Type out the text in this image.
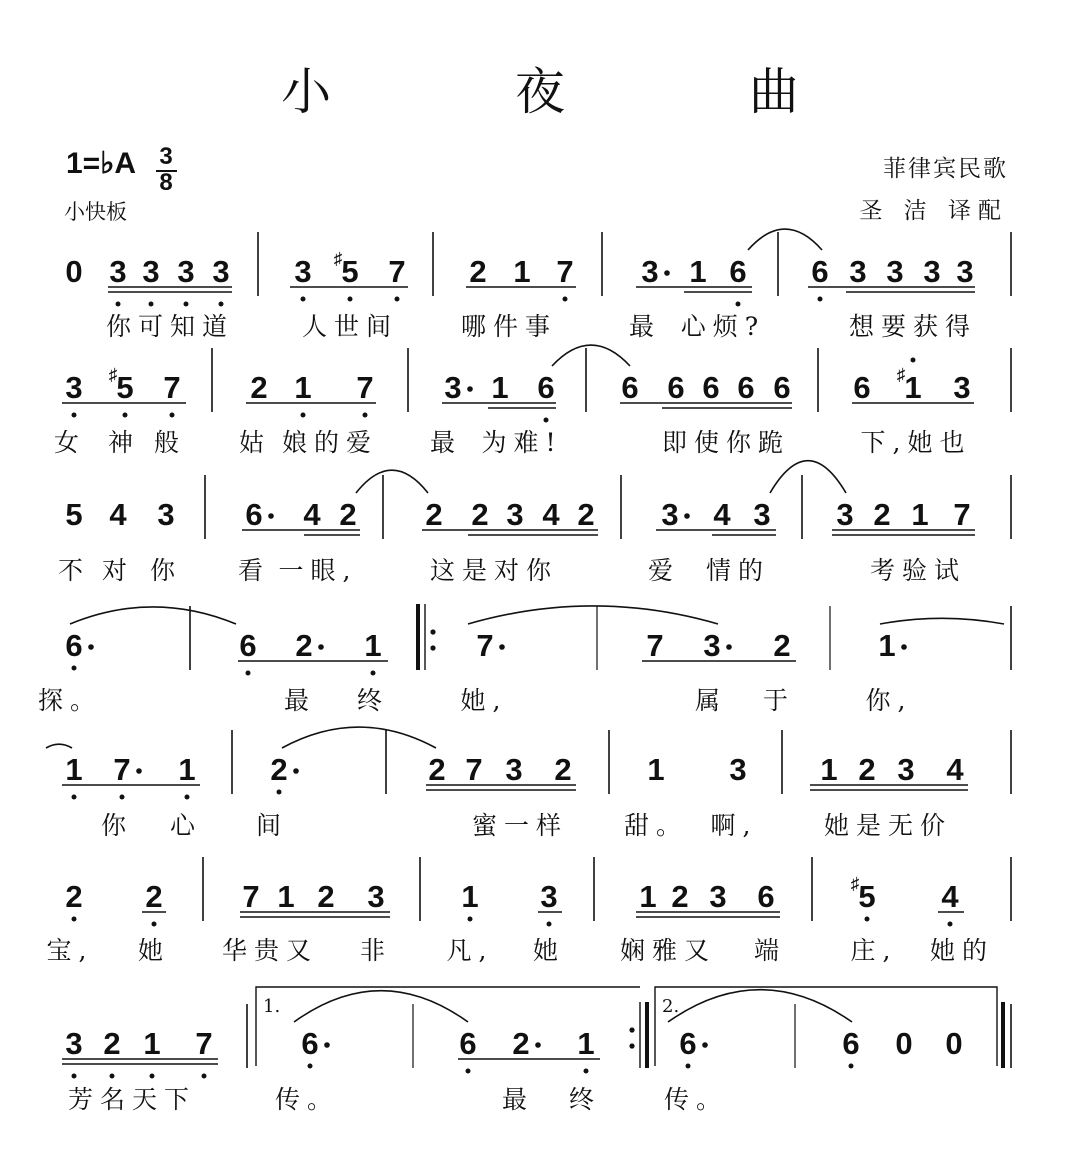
小 夜 曲
1=♭A
小快板
菲律宾民歌
圣 洁 译配
3
8
0 3 3 3 3 3 5
♯ 7 2 1 7 3 1 6 6 3 3 3 3
你可知道	人世间	哪件事	最 心烦?	想要获得
3 5
♯ 7 2 1 7 3 1 6 6 6 6 6 6 6 1
♯ 3
女 神 般 姑 娘的爱 最 为难!	即使你跪	下,她也
5 4 3 6 4 2 2 2 3 4 2 3 4 3 3 2 1 7
不 对 你 看 一眼,	这是对你	爱 情的	考验试
6	6 2 1	7	7 3 2	1
探。	最 终	她,	属 于	你,
1 7 1 2	2 7 3 2 1 3 1 2 3 4
你 心 间	蜜一样 甜。 啊,	她是无价
2 2	7 1 2 3 1 3	1 2 3 6	5
♯	4
宝, 她 华贵又 非 凡, 她 娴雅又 端	庄, 她的
3 2 1 7	6	6 2 1	6	6 0 0
1.	2.
芳名天下	传。	最 终	传。
